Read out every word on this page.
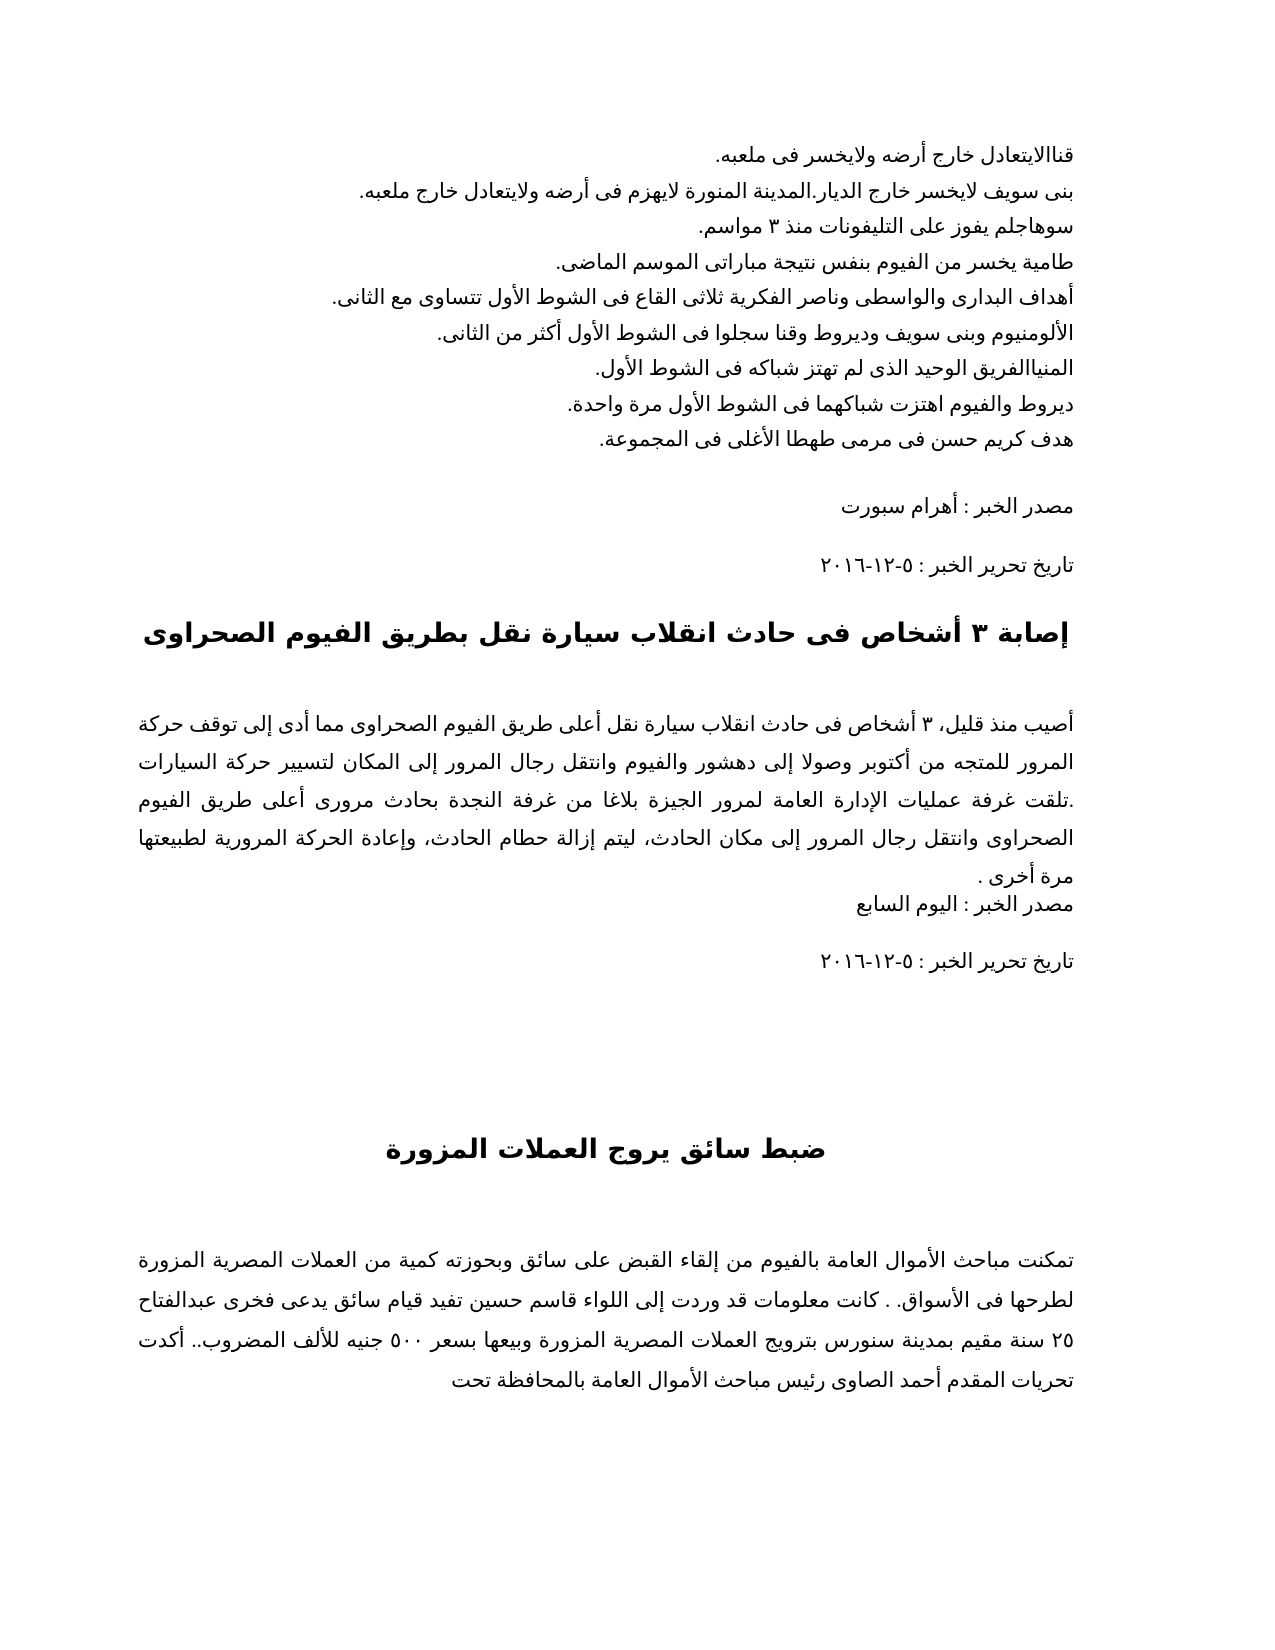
قناالايتعادل خارج أرضه ولايخسر فى ملعبه.

بنى سويف لايخسر خارج الديار.المدينة المنورة لايهزم فى أرضه ولايتعادل خارج ملعبه.

سوهاجلم يفوز على التليفونات منذ ٣ مواسم.

طامية يخسر من الفيوم بنفس نتيجة مباراتى الموسم الماضى.

أهداف البدارى والواسطى وناصر الفكرية ثلاثى القاع فى الشوط الأول تتساوى مع الثانى.

الألومنيوم وبنى سويف وديروط وقنا سجلوا فى الشوط الأول أكثر من الثانى.

المنياالفريق الوحيد الذى لم تهتز شباكه فى الشوط الأول.

ديروط والفيوم اهتزت شباكهما فى الشوط الأول مرة واحدة.

هدف كريم حسن فى مرمى طهطا الأغلى فى المجموعة.

مصدر الخبر : أهرام سبورت

تاريخ تحرير الخبر : ٥-١٢-٢٠١٦

إصابة ٣ أشخاص فى حادث انقلاب سيارة نقل بطريق الفيوم الصحراوى

أصيب منذ قليل، ٣ أشخاص فى حادث انقلاب سيارة نقل أعلى طريق الفيوم الصحراوى مما أدى إلى توقف حركة المرور للمتجه من أكتوبر وصولا إلى دهشور والفيوم وانتقل رجال المرور إلى المكان لتسيير حركة السيارات .تلقت غرفة عمليات الإدارة العامة لمرور الجيزة بلاغا من غرفة النجدة بحادث مرورى أعلى طريق الفيوم الصحراوى وانتقل رجال المرور إلى مكان الحادث، ليتم إزالة حطام الحادث، وإعادة الحركة المرورية لطبيعتها مرة أخرى .

مصدر الخبر : اليوم السابع

تاريخ تحرير الخبر : ٥-١٢-٢٠١٦

ضبط سائق يروج العملات المزورة

تمكنت مباحث الأموال العامة بالفيوم من إلقاء القبض على سائق وبحوزته كمية من العملات المصرية المزورة لطرحها فى الأسواق. . كانت معلومات قد وردت إلى اللواء قاسم حسين تفيد قيام سائق يدعى فخرى عبدالفتاح ٢٥ سنة مقيم بمدينة سنورس بترويج العملات المصرية المزورة وبيعها بسعر ٥٠٠ جنيه للألف المضروب.. أكدت تحريات المقدم أحمد الصاوى رئيس مباحث الأموال العامة بالمحافظة تحت
